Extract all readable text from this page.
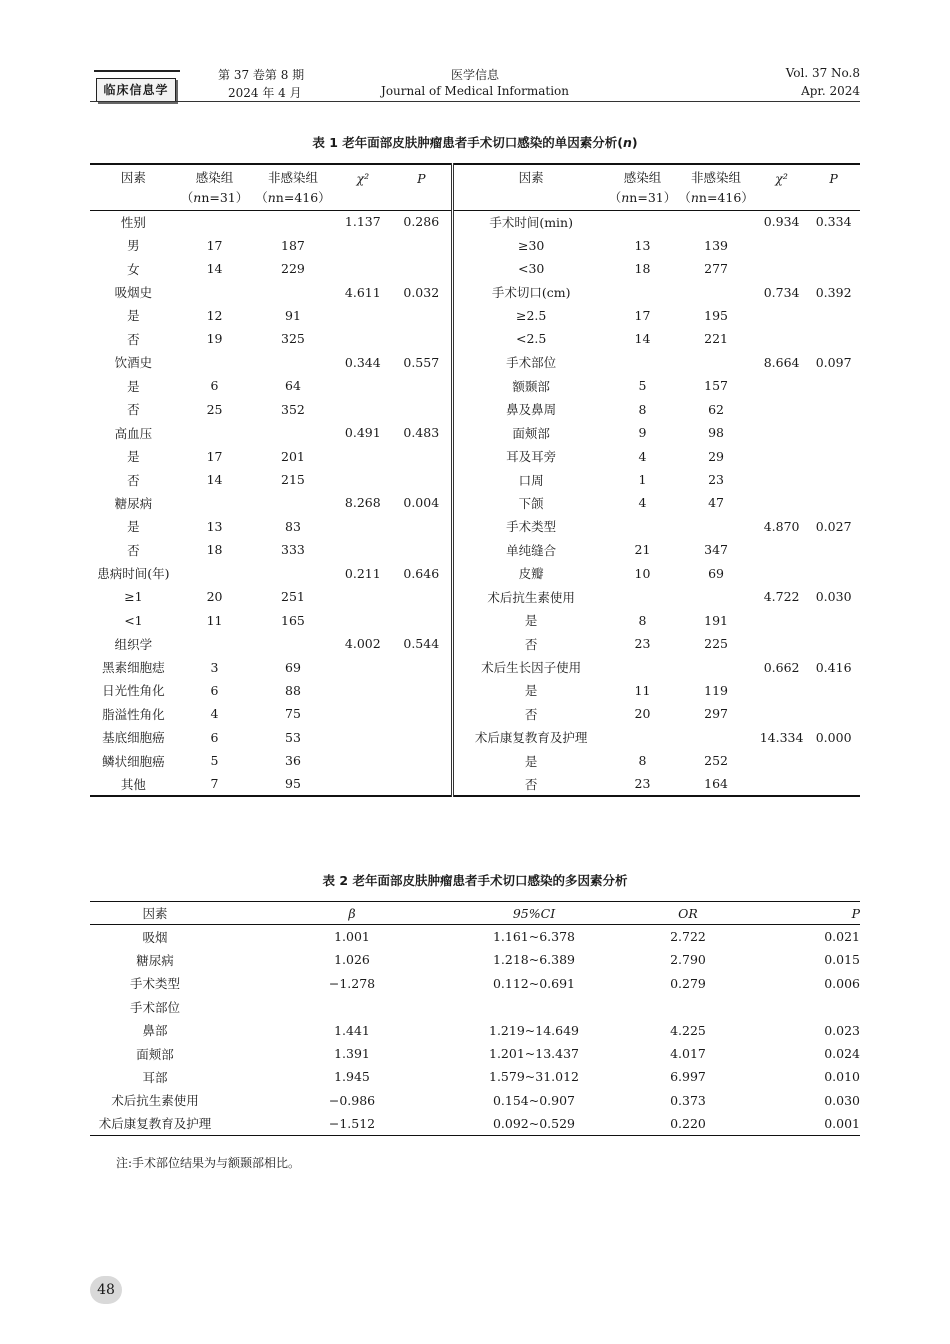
临床信息学
第 37 卷第 8 期
2024 年 4 月
医学信息
Journal of Medical Information
Vol. 37 No.8
Apr. 2024
表 1 老年面部皮肤肿瘤患者手术切口感染的单因素分析(n)
因素	感染组	非感染组	χ²	P	因素	感染组	非感染组	χ²	P
	（nn=31）	（nn=416）				（nn=31）	（nn=416）		
性别			1.137	0.286	手术时间(min)			0.934	0.334
男	17	187			≥30	13	139		
女	14	229			<30	18	277		
吸烟史			4.611	0.032	手术切口(cm)			0.734	0.392
是	12	91			≥2.5	17	195		
否	19	325			<2.5	14	221		
饮酒史			0.344	0.557	手术部位			8.664	0.097
是	6	64			额颞部	5	157		
否	25	352			鼻及鼻周	8	62		
高血压			0.491	0.483	面颊部	9	98		
是	17	201			耳及耳旁	4	29		
否	14	215			口周	1	23		
糖尿病			8.268	0.004	下颌	4	47		
是	13	83			手术类型			4.870	0.027
否	18	333			单纯缝合	21	347		
患病时间(年)			0.211	0.646	皮瓣	10	69		
≥1	20	251			术后抗生素使用			4.722	0.030
<1	11	165			是	8	191		
组织学			4.002	0.544	否	23	225		
黑素细胞痣	3	69			术后生长因子使用			0.662	0.416
日光性角化	6	88			是	11	119		
脂溢性角化	4	75			否	20	297		
基底细胞癌	6	53			术后康复教育及护理			14.334	0.000
鳞状细胞癌	5	36			是	8	252		
其他	7	95			否	23	164		
表 2 老年面部皮肤肿瘤患者手术切口感染的多因素分析
因素	β	95%CI	OR	P
吸烟	1.001	1.161~6.378	2.722	0.021
糖尿病	1.026	1.218~6.389	2.790	0.015
手术类型	−1.278	0.112~0.691	0.279	0.006
手术部位				
鼻部	1.441	1.219~14.649	4.225	0.023
面颊部	1.391	1.201~13.437	4.017	0.024
耳部	1.945	1.579~31.012	6.997	0.010
术后抗生素使用	−0.986	0.154~0.907	0.373	0.030
术后康复教育及护理	−1.512	0.092~0.529	0.220	0.001
注:手术部位结果为与额颞部相比。
48
